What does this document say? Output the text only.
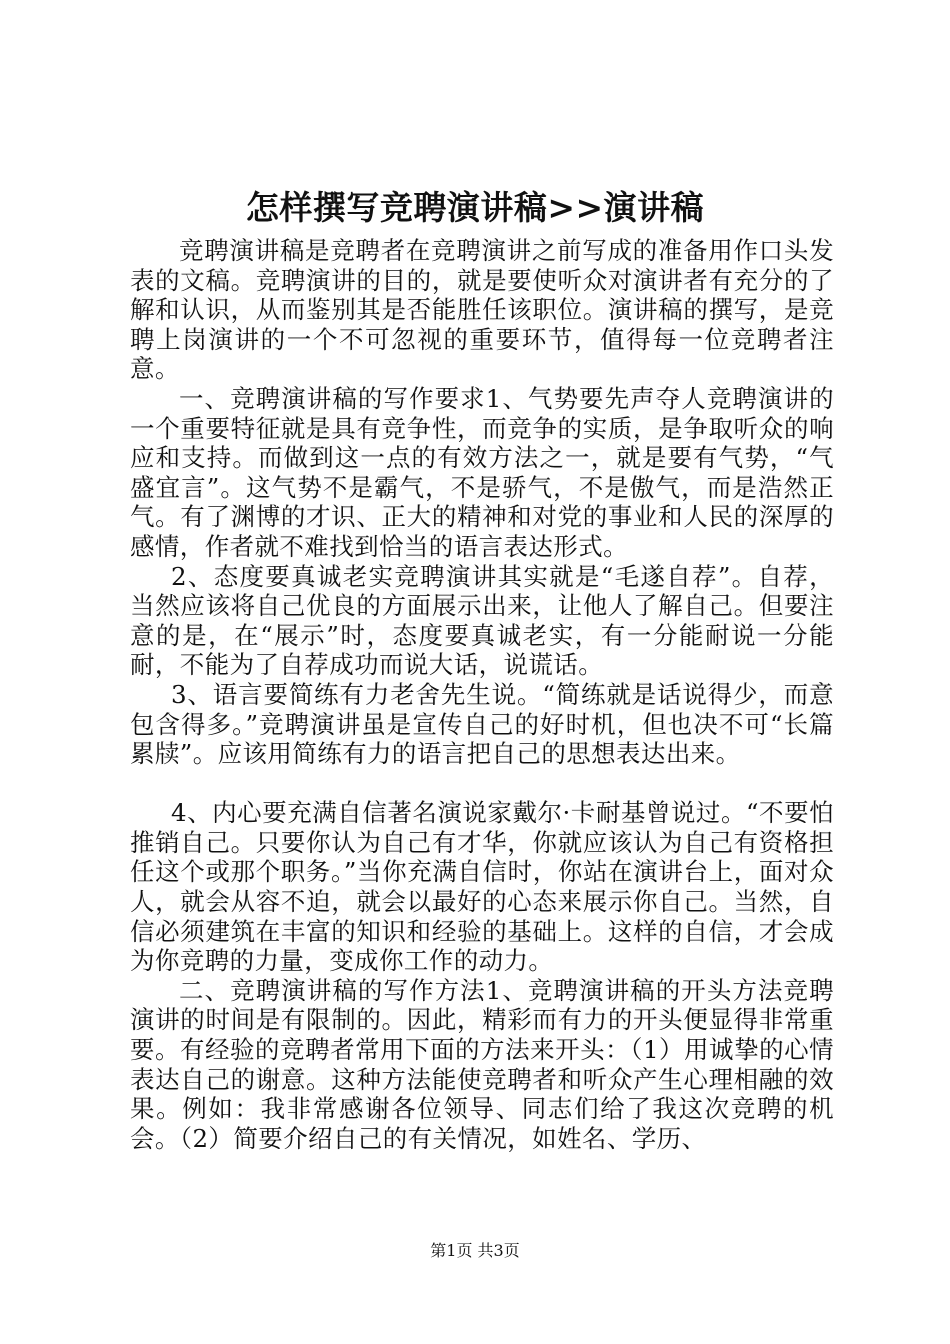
怎样撰写竞聘演讲稿>>演讲稿

竞聘演讲稿是竞聘者在竞聘演讲之前写成的准备用作口头发表的文稿。竞聘演讲的目的，就是要使听众对演讲者有充分的了解和认识，从而鉴别其是否能胜任该职位。演讲稿的撰写，是竞聘上岗演讲的一个不可忽视的重要环节，值得每一位竞聘者注意。

一、竞聘演讲稿的写作要求1、气势要先声夺人竞聘演讲的一个重要特征就是具有竞争性，而竞争的实质，是争取听众的响应和支持。而做到这一点的有效方法之一，就是要有气势，“气盛宜言”。这气势不是霸气，不是骄气，不是傲气，而是浩然正气。有了渊博的才识、正大的精神和对党的事业和人民的深厚的感情，作者就不难找到恰当的语言表达形式。

2、态度要真诚老实竞聘演讲其实就是“毛遂自荐”。自荐，当然应该将自己优良的方面展示出来，让他人了解自己。但要注意的是，在“展示”时，态度要真诚老实，有一分能耐说一分能耐，不能为了自荐成功而说大话，说谎话。

3、语言要简练有力老舍先生说。“简练就是话说得少，而意包含得多。”竞聘演讲虽是宣传自己的好时机，但也决不可“长篇累牍”。应该用简练有力的语言把自己的思想表达出来。

4、内心要充满自信著名演说家戴尔·卡耐基曾说过。“不要怕推销自己。只要你认为自己有才华，你就应该认为自己有资格担任这个或那个职务。”当你充满自信时，你站在演讲台上，面对众人，就会从容不迫，就会以最好的心态来展示你自己。当然，自信必须建筑在丰富的知识和经验的基础上。这样的自信，才会成为你竞聘的力量，变成你工作的动力。

二、竞聘演讲稿的写作方法1、竞聘演讲稿的开头方法竞聘演讲的时间是有限制的。因此，精彩而有力的开头便显得非常重要。有经验的竞聘者常用下面的方法来开头：（1）用诚挚的心情表达自己的谢意。这种方法能使竞聘者和听众产生心理相融的效果。例如：我非常感谢各位领导、同志们给了我这次竞聘的机会。（2）简要介绍自己的有关情况，如姓名、学历、

第1页 共3页
